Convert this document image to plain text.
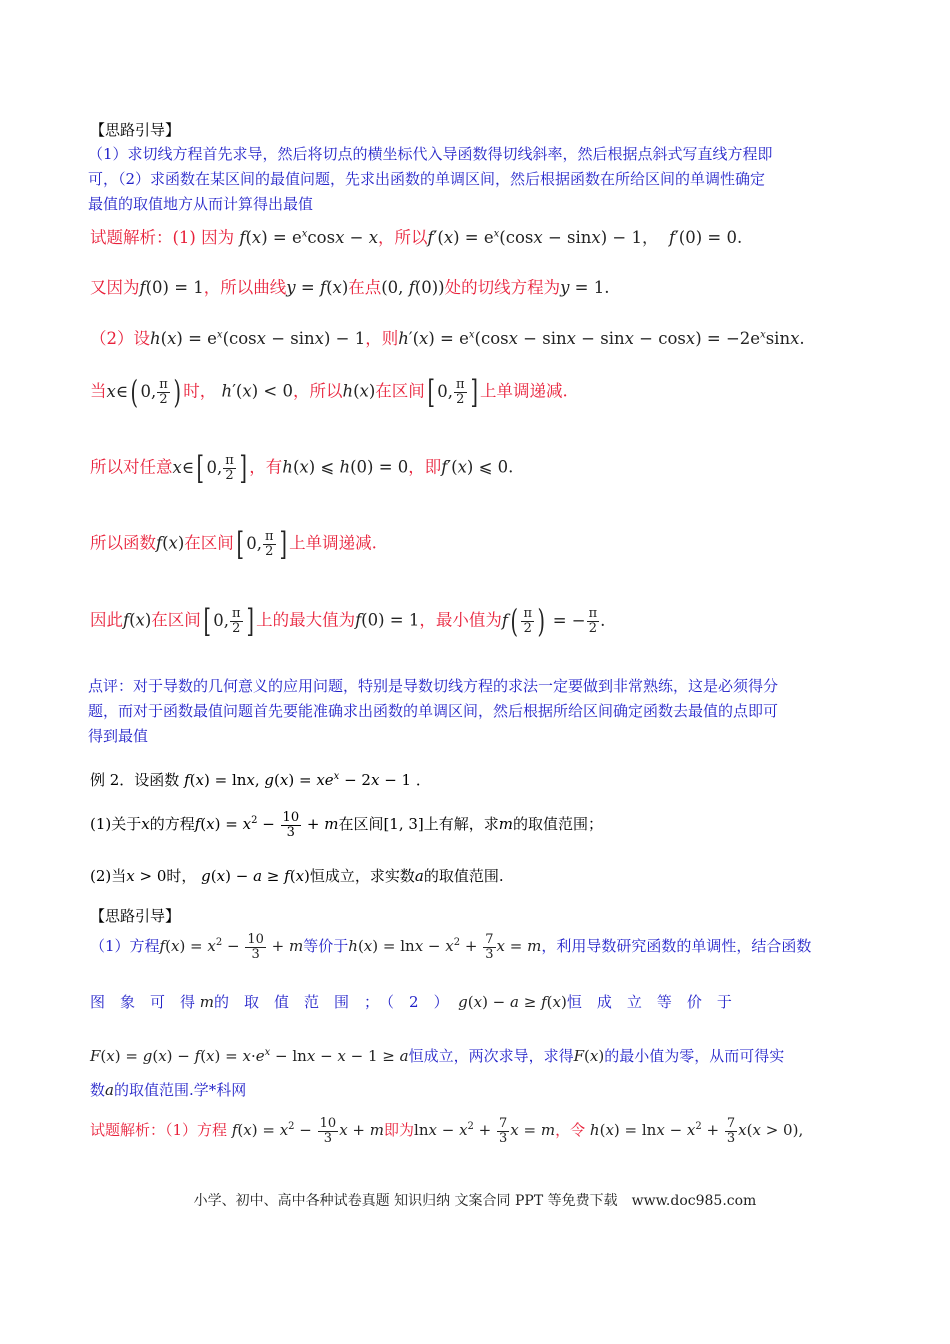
【思路引导】
（1）求切线方程首先求导，然后将切点的横坐标代入导函数得切线斜率，然后根据点斜式写直线方程即
可，（2）求函数在某区间的最值问题，先求出函数的单调区间，然后根据函数在所给区间的单调性确定
最值的取值地方从而计算得出最值
试题解析：(1) 因为 $f(x) = e^x\cos x - x$，所以$f'(x) = e^x(\cos x - \sin x) - 1$，  f′(0) = 0.
又因为f(0) = 1，所以曲线y = f(x)在点(0, f(0))处的切线方程为y = 1.
（2）设$h(x) = e^x(\cos x - \sin x) - 1$，则$h'(x) = e^x(\cos x - \sin x - \sin x - \cos x) = -2e^x\sin x$.
当x∈( 0, $\frac{\pi}{2}$ ) 时， h′(x) < 0，所以h(x)在区间[ 0, $\frac{\pi}{2}$ ] 上单调递减.
所以对任意x∈[ 0, $\frac{\pi}{2}$ ] ，有h(x) ⩽ h(0) = 0，即f′(x) ⩽ 0.
所以函数f(x)在区间[ 0, $\frac{\pi}{2}$ ] 上单调递减.
因此f(x)在区间[ 0, $\frac{\pi}{2}$ ] 上的最大值为f(0) = 1，最小值为$f( \frac{\pi}{2}$ ) = − $\frac{\pi}{2}$ .
点评：对于导数的几何意义的应用问题，特别是导数切线方程的求法一定要做到非常熟练，这是必须得分
题，而对于函数最值问题首先要能准确求出函数的单调区间，然后根据所给区间确定函数去最值的点即可
得到最值
例 2．设函数 f(x) = lnx, $g(x) = xe^x - 2x - 1$ ．
(1)关于x的方程$f(x) = x^2 - \frac{10}{3} + m$在区间[1, 3]上有解，求m的取值范围；
(2)当x > 0时， g(x) − a ≥ f(x)恒成立，求实数a的取值范围.
【思路引导】
（1）方程$f(x) = x^2 - \frac{10}{3} + m$等价于$h(x) = \ln x - x^2 + \frac{7}{3}$ x = m，利用导数研究函数的单调性，结合函数
图　象　可　得 m的　取　值　范　围　；　（　2　） g(x) − a ≥ f(x)恒　成　立　等　价　于
$F(x) = g(x) - f(x) = x\cdot e^x - \ln x - x - 1 \ge a$恒成立，两次求导，求得F(x)的最小值为零，从而可得实
数a的取值范围.学*科网
试题解析：（1）方程 $f(x) = x^2 - \frac{10}{3}$ x + m即为$\ln x - x^2 + \frac{7}{3}$ x = m，令 $h(x) = \ln x - x^2 + \frac{7}{3} x(x > 0)$,
小学、初中、高中各种试卷真题 知识归纳 文案合同 PPT 等免费下载　www.doc985.com
